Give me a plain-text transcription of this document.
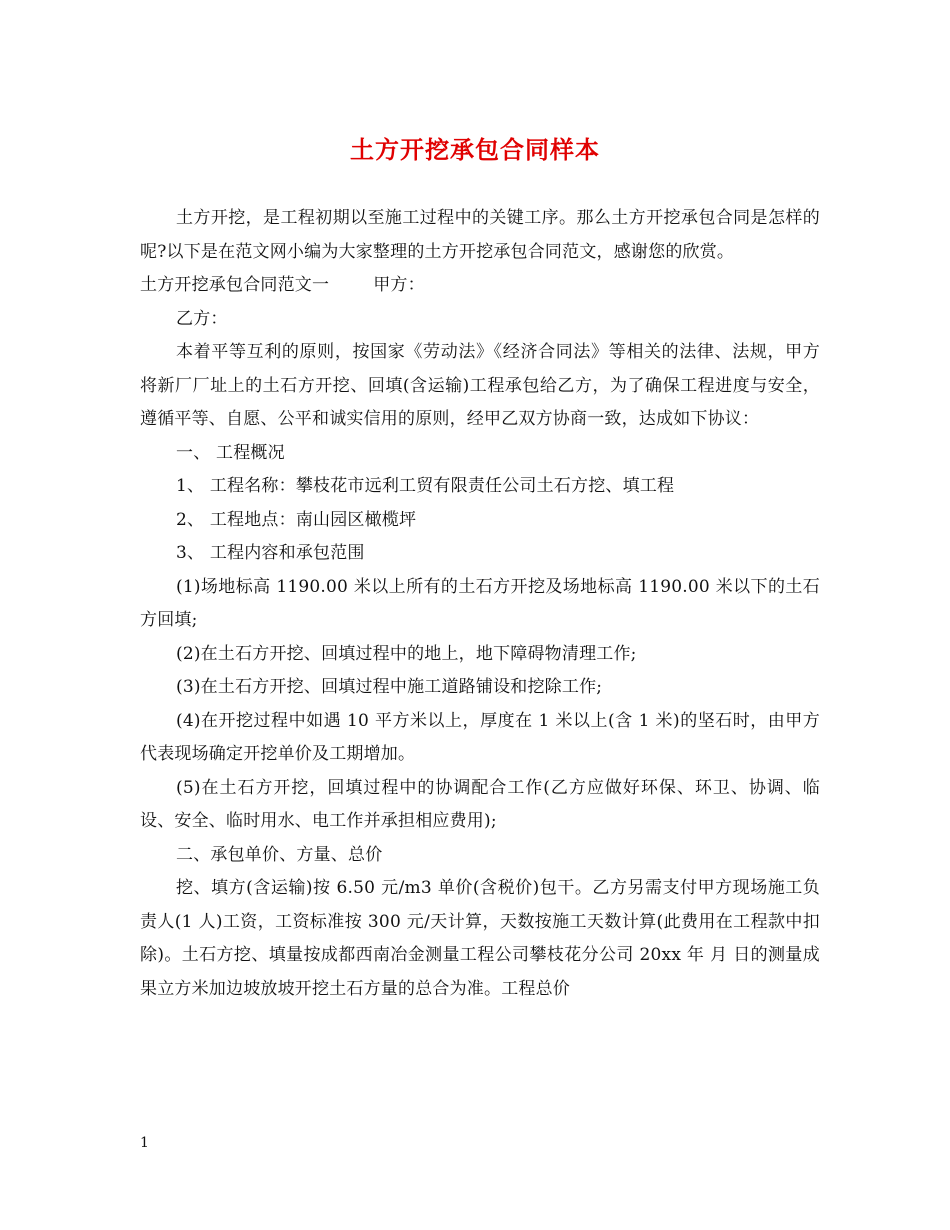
土方开挖承包合同样本

土方开挖，是工程初期以至施工过程中的关键工序。那么土方开挖承包合同是怎样的呢?以下是在范文网小编为大家整理的土方开挖承包合同范文，感谢您的欣赏。

土方开挖承包合同范文一	甲方：

乙方：

本着平等互利的原则，按国家《劳动法》《经济合同法》等相关的法律、法规，甲方将新厂厂址上的土石方开挖、回填(含运输)工程承包给乙方，为了确保工程进度与安全，遵循平等、自愿、公平和诚实信用的原则，经甲乙双方协商一致，达成如下协议：

一、 工程概况

1、 工程名称：攀枝花市远利工贸有限责任公司土石方挖、填工程

2、 工程地点：南山园区橄榄坪

3、 工程内容和承包范围

(1)场地标高 1190.00 米以上所有的土石方开挖及场地标高 1190.00 米以下的土石方回填;

(2)在土石方开挖、回填过程中的地上，地下障碍物清理工作;

(3)在土石方开挖、回填过程中施工道路铺设和挖除工作;

(4)在开挖过程中如遇 10 平方米以上，厚度在 1 米以上(含 1 米)的坚石时，由甲方代表现场确定开挖单价及工期增加。

(5)在土石方开挖，回填过程中的协调配合工作(乙方应做好环保、环卫、协调、临设、安全、临时用水、电工作并承担相应费用);

二、承包单价、方量、总价

挖、填方(含运输)按 6.50 元/m3 单价(含税价)包干。乙方另需支付甲方现场施工负责人(1 人)工资，工资标准按 300 元/天计算，天数按施工天数计算(此费用在工程款中扣除)。土石方挖、填量按成都西南冶金测量工程公司攀枝花分公司 20xx 年 月 日的测量成果立方米加边坡放坡开挖土石方量的总合为准。工程总价

1
